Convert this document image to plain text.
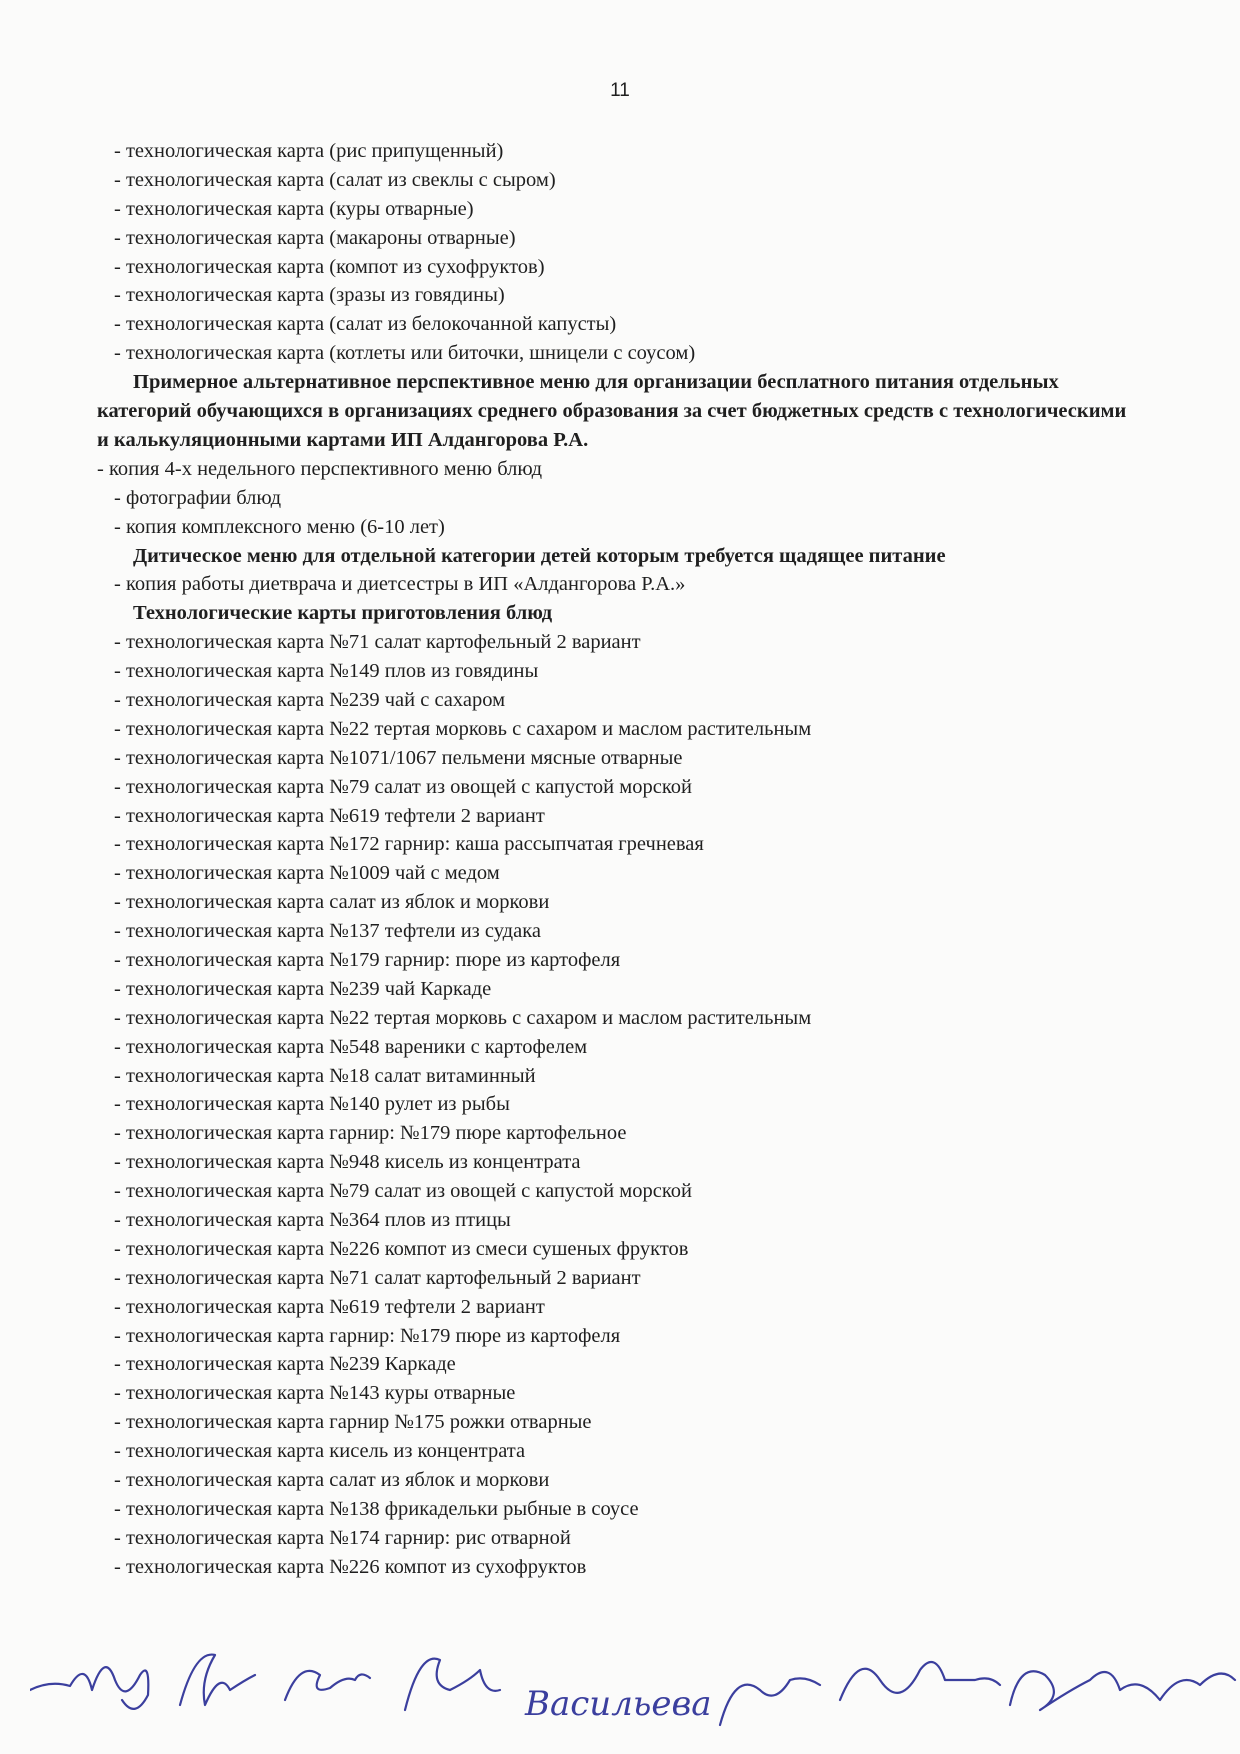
11
- технологическая карта (рис припущенный)
- технологическая карта (салат из свеклы с сыром)
- технологическая карта (куры отварные)
- технологическая карта (макароны отварные)
- технологическая карта (компот из сухофруктов)
- технологическая карта (зразы из говядины)
- технологическая карта (салат из белокочанной капусты)
- технологическая карта (котлеты или биточки, шницели с соусом)

Примерное альтернативное перспективное меню для организации бесплатного питания отдельных категорий обучающихся в организациях среднего образования за счет бюджетных средств с технологическими и калькуляционными картами ИП Алдангорова Р.А.

- копия 4-х недельного перспективного меню блюд
- фотографии блюд
- копия комплексного меню (6-10 лет)
Дитическое меню для отдельной категории детей которым требуется щадящее питание
- копия работы диетврача и диетсестры в ИП «Алдангорова Р.А.»
Технологические карты приготовления блюд
- технологическая карта №71 салат картофельный 2 вариант
- технологическая карта №149 плов из говядины
- технологическая карта №239 чай с сахаром
- технологическая карта №22 тертая морковь с сахаром и маслом растительным
- технологическая карта №1071/1067 пельмени мясные отварные
- технологическая карта №79 салат из овощей с капустой морской
- технологическая карта №619 тефтели 2 вариант
- технологическая карта №172 гарнир: каша рассыпчатая гречневая
- технологическая карта №1009 чай с медом
- технологическая карта салат из яблок и моркови
- технологическая карта №137 тефтели из судака
- технологическая карта №179 гарнир: пюре из картофеля
- технологическая карта №239 чай Каркаде
- технологическая карта №22 тертая морковь с сахаром и маслом растительным
- технологическая карта №548 вареники с картофелем
- технологическая карта №18 салат витаминный
- технологическая карта №140 рулет из рыбы
- технологическая карта гарнир: №179 пюре картофельное
- технологическая карта №948 кисель из концентрата
- технологическая карта №79 салат из овощей с капустой морской
- технологическая карта №364 плов из птицы
- технологическая карта №226 компот из смеси сушеных фруктов
- технологическая карта №71 салат картофельный 2 вариант
- технологическая карта №619 тефтели 2 вариант
- технологическая карта гарнир: №179 пюре из картофеля
- технологическая карта №239 Каркаде
- технологическая карта №143 куры отварные
- технологическая карта гарнир №175 рожки отварные
- технологическая карта кисель из концентрата
- технологическая карта салат из яблок и моркови
- технологическая карта №138 фрикадельки рыбные в соусе
- технологическая карта №174 гарнир: рис отварной
- технологическая карта №226 компот из сухофруктов
Васильева
